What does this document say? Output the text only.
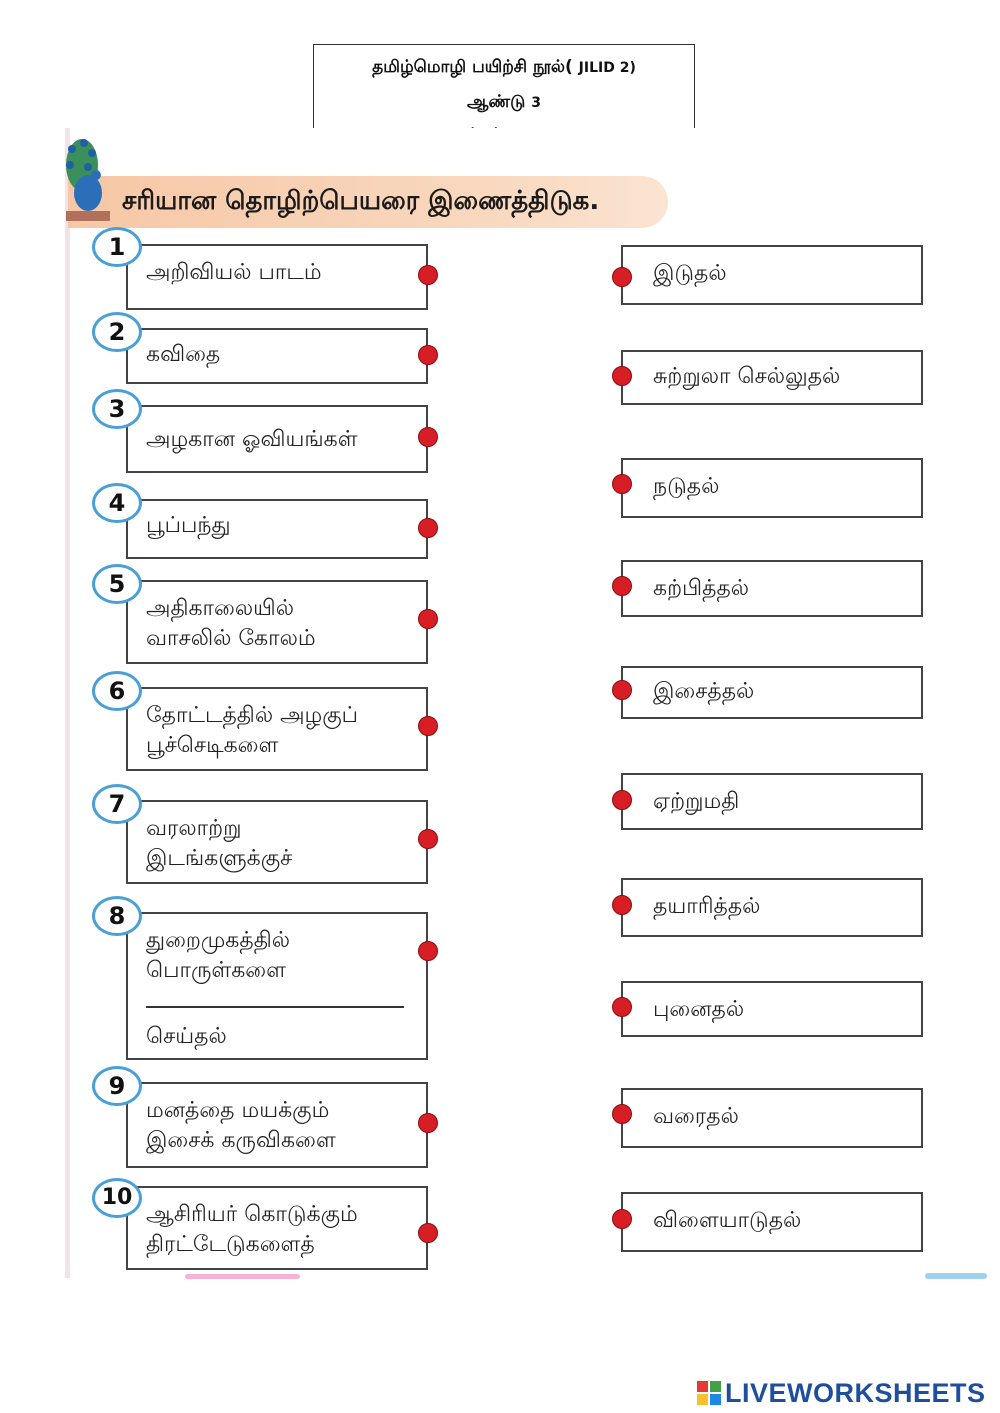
தமிழ்மொழி பயிற்சி நூல்( JILID 2)
ஆண்டு 3
சரியான தொழிற்பெயரை இணைத்திடுக.
அறிவியல் பாடம்
கவிதை
அழகான ஓவியங்கள்
பூப்பந்து
அதிகாலையில்
வாசலில் கோலம்
தோட்டத்தில் அழகுப்
பூச்செடிகளை
வரலாற்று
இடங்களுக்குச்
துறைமுகத்தில்
பொருள்களை
செய்தல்
மனத்தை மயக்கும்
இசைக் கருவிகளை
ஆசிரியர் கொடுக்கும்
திரட்டேடுகளைத்
1
2
3
4
5
6
7
8
9
10
இடுதல்
சுற்றுலா செல்லுதல்
நடுதல்
கற்பித்தல்
இசைத்தல்
ஏற்றுமதி
தயாரித்தல்
புனைதல்
வரைதல்
விளையாடுதல்
LIVEWORKSHEETS
